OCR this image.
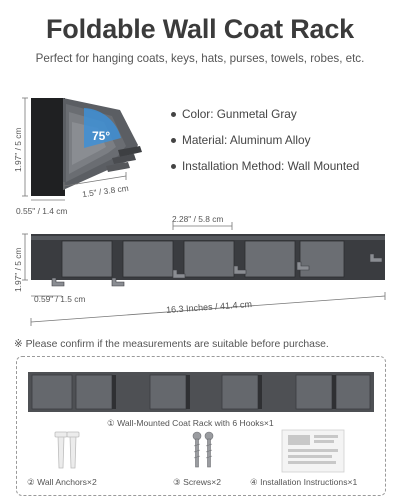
Foldable Wall Coat Rack
Perfect for hanging coats, keys, hats, purses, towels, robes, etc.
75°
1.97" / 5 cm
1.5" / 3.8 cm
0.55" / 1.4 cm
Color: Gunmetal Gray
Material: Aluminum Alloy
Installation Method: Wall Mounted
2.28" / 5.8 cm
1.97" / 5 cm
0.59" / 1.5 cm
16.3 Inches / 41.4 cm
※ Please confirm if the measurements are suitable before purchase.
① Wall-Mounted Coat Rack with 6 Hooks×1
② Wall Anchors×2	③ Screws×2	④ Installation Instructions×1
